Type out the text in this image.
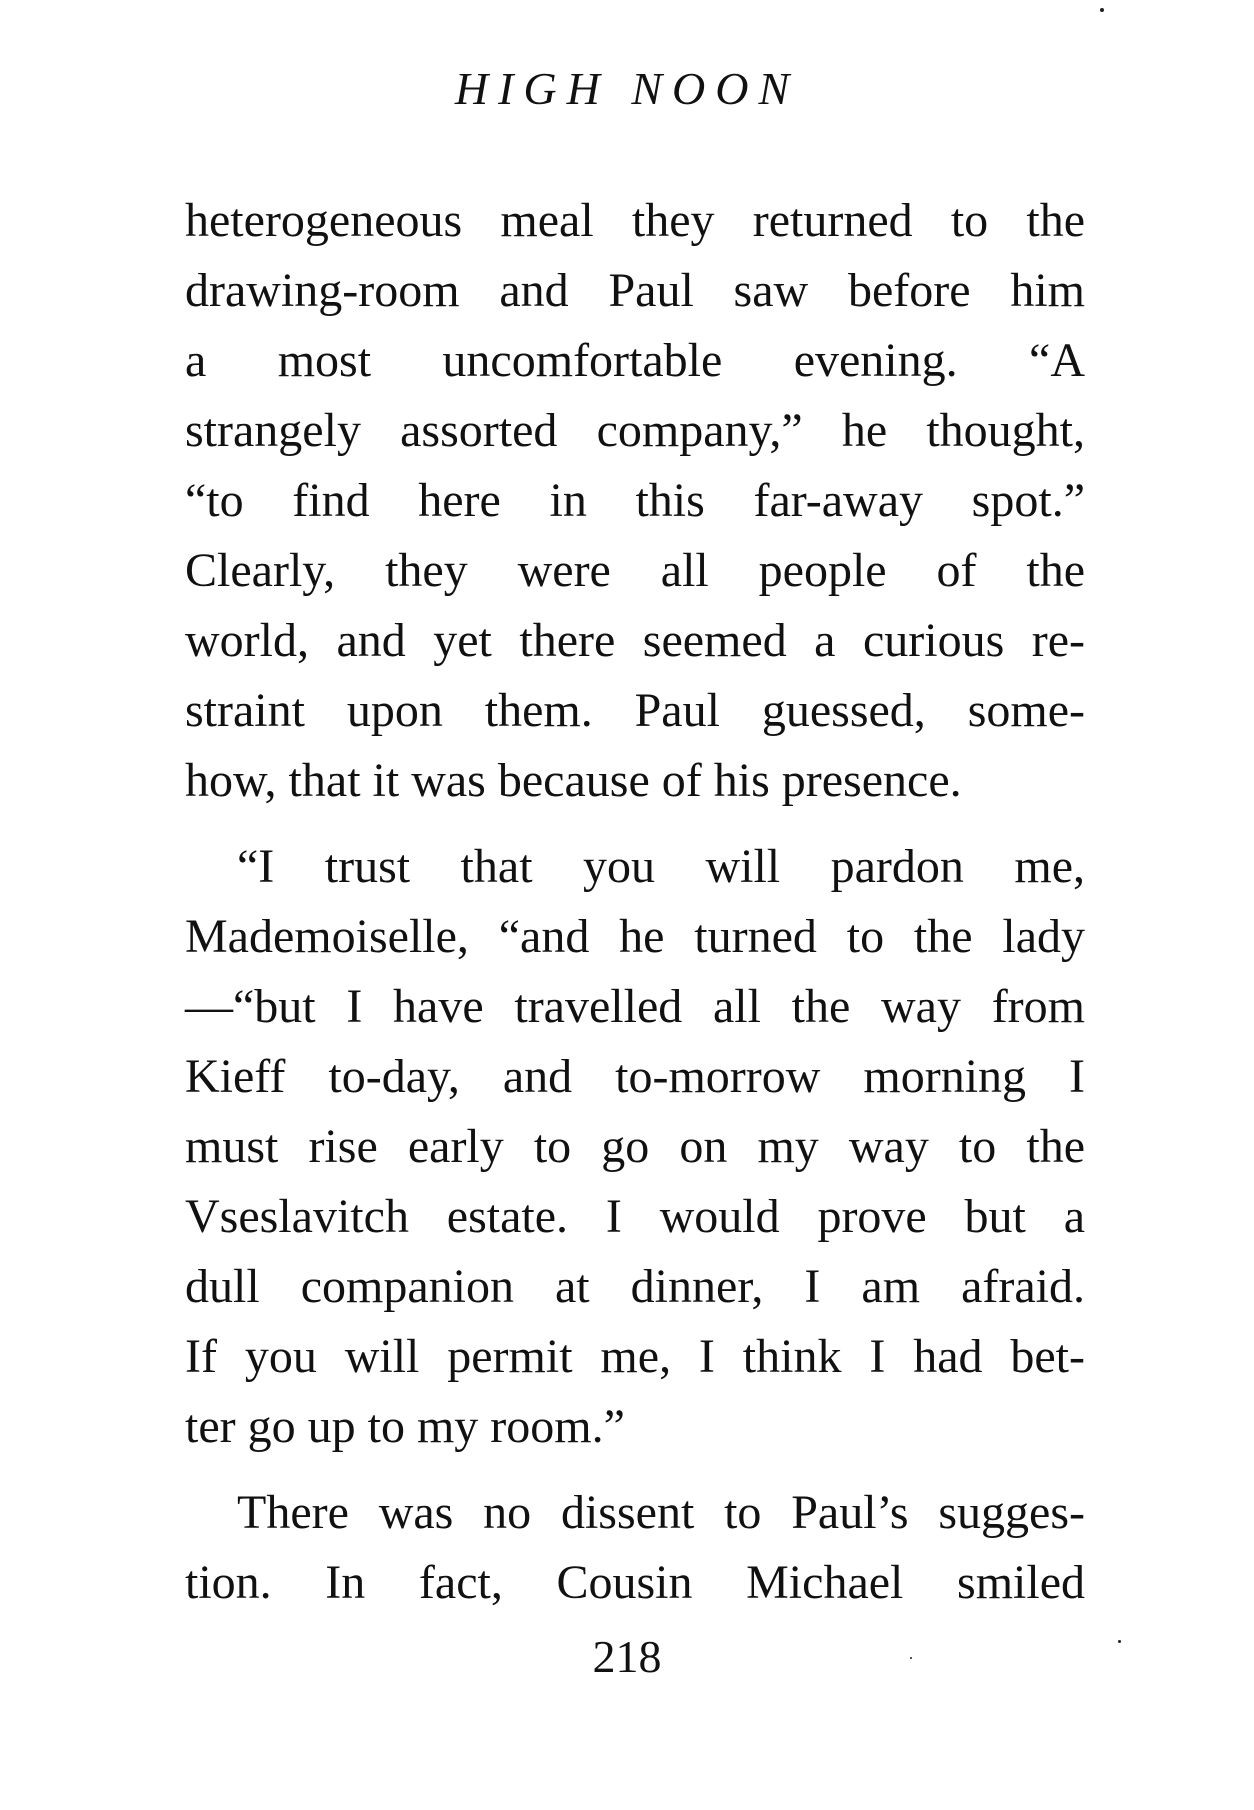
HIGH NOON
heterogeneous meal they returned to the
drawing-room and Paul saw before him
a most uncomfortable evening. “A
strangely assorted company,” he thought,
“to find here in this far-away spot.”
Clearly, they were all people of the
world, and yet there seemed a curious re-
straint upon them. Paul guessed, some-
how, that it was because of his presence.
“I trust that you will pardon me,
Mademoiselle, “and he turned to the lady
—“but I have travelled all the way from
Kieff to-day, and to-morrow morning I
must rise early to go on my way to the
Vseslavitch estate. I would prove but a
dull companion at dinner, I am afraid.
If you will permit me, I think I had bet-
ter go up to my room.”
There was no dissent to Paul’s sugges-
tion. In fact, Cousin Michael smiled
218
